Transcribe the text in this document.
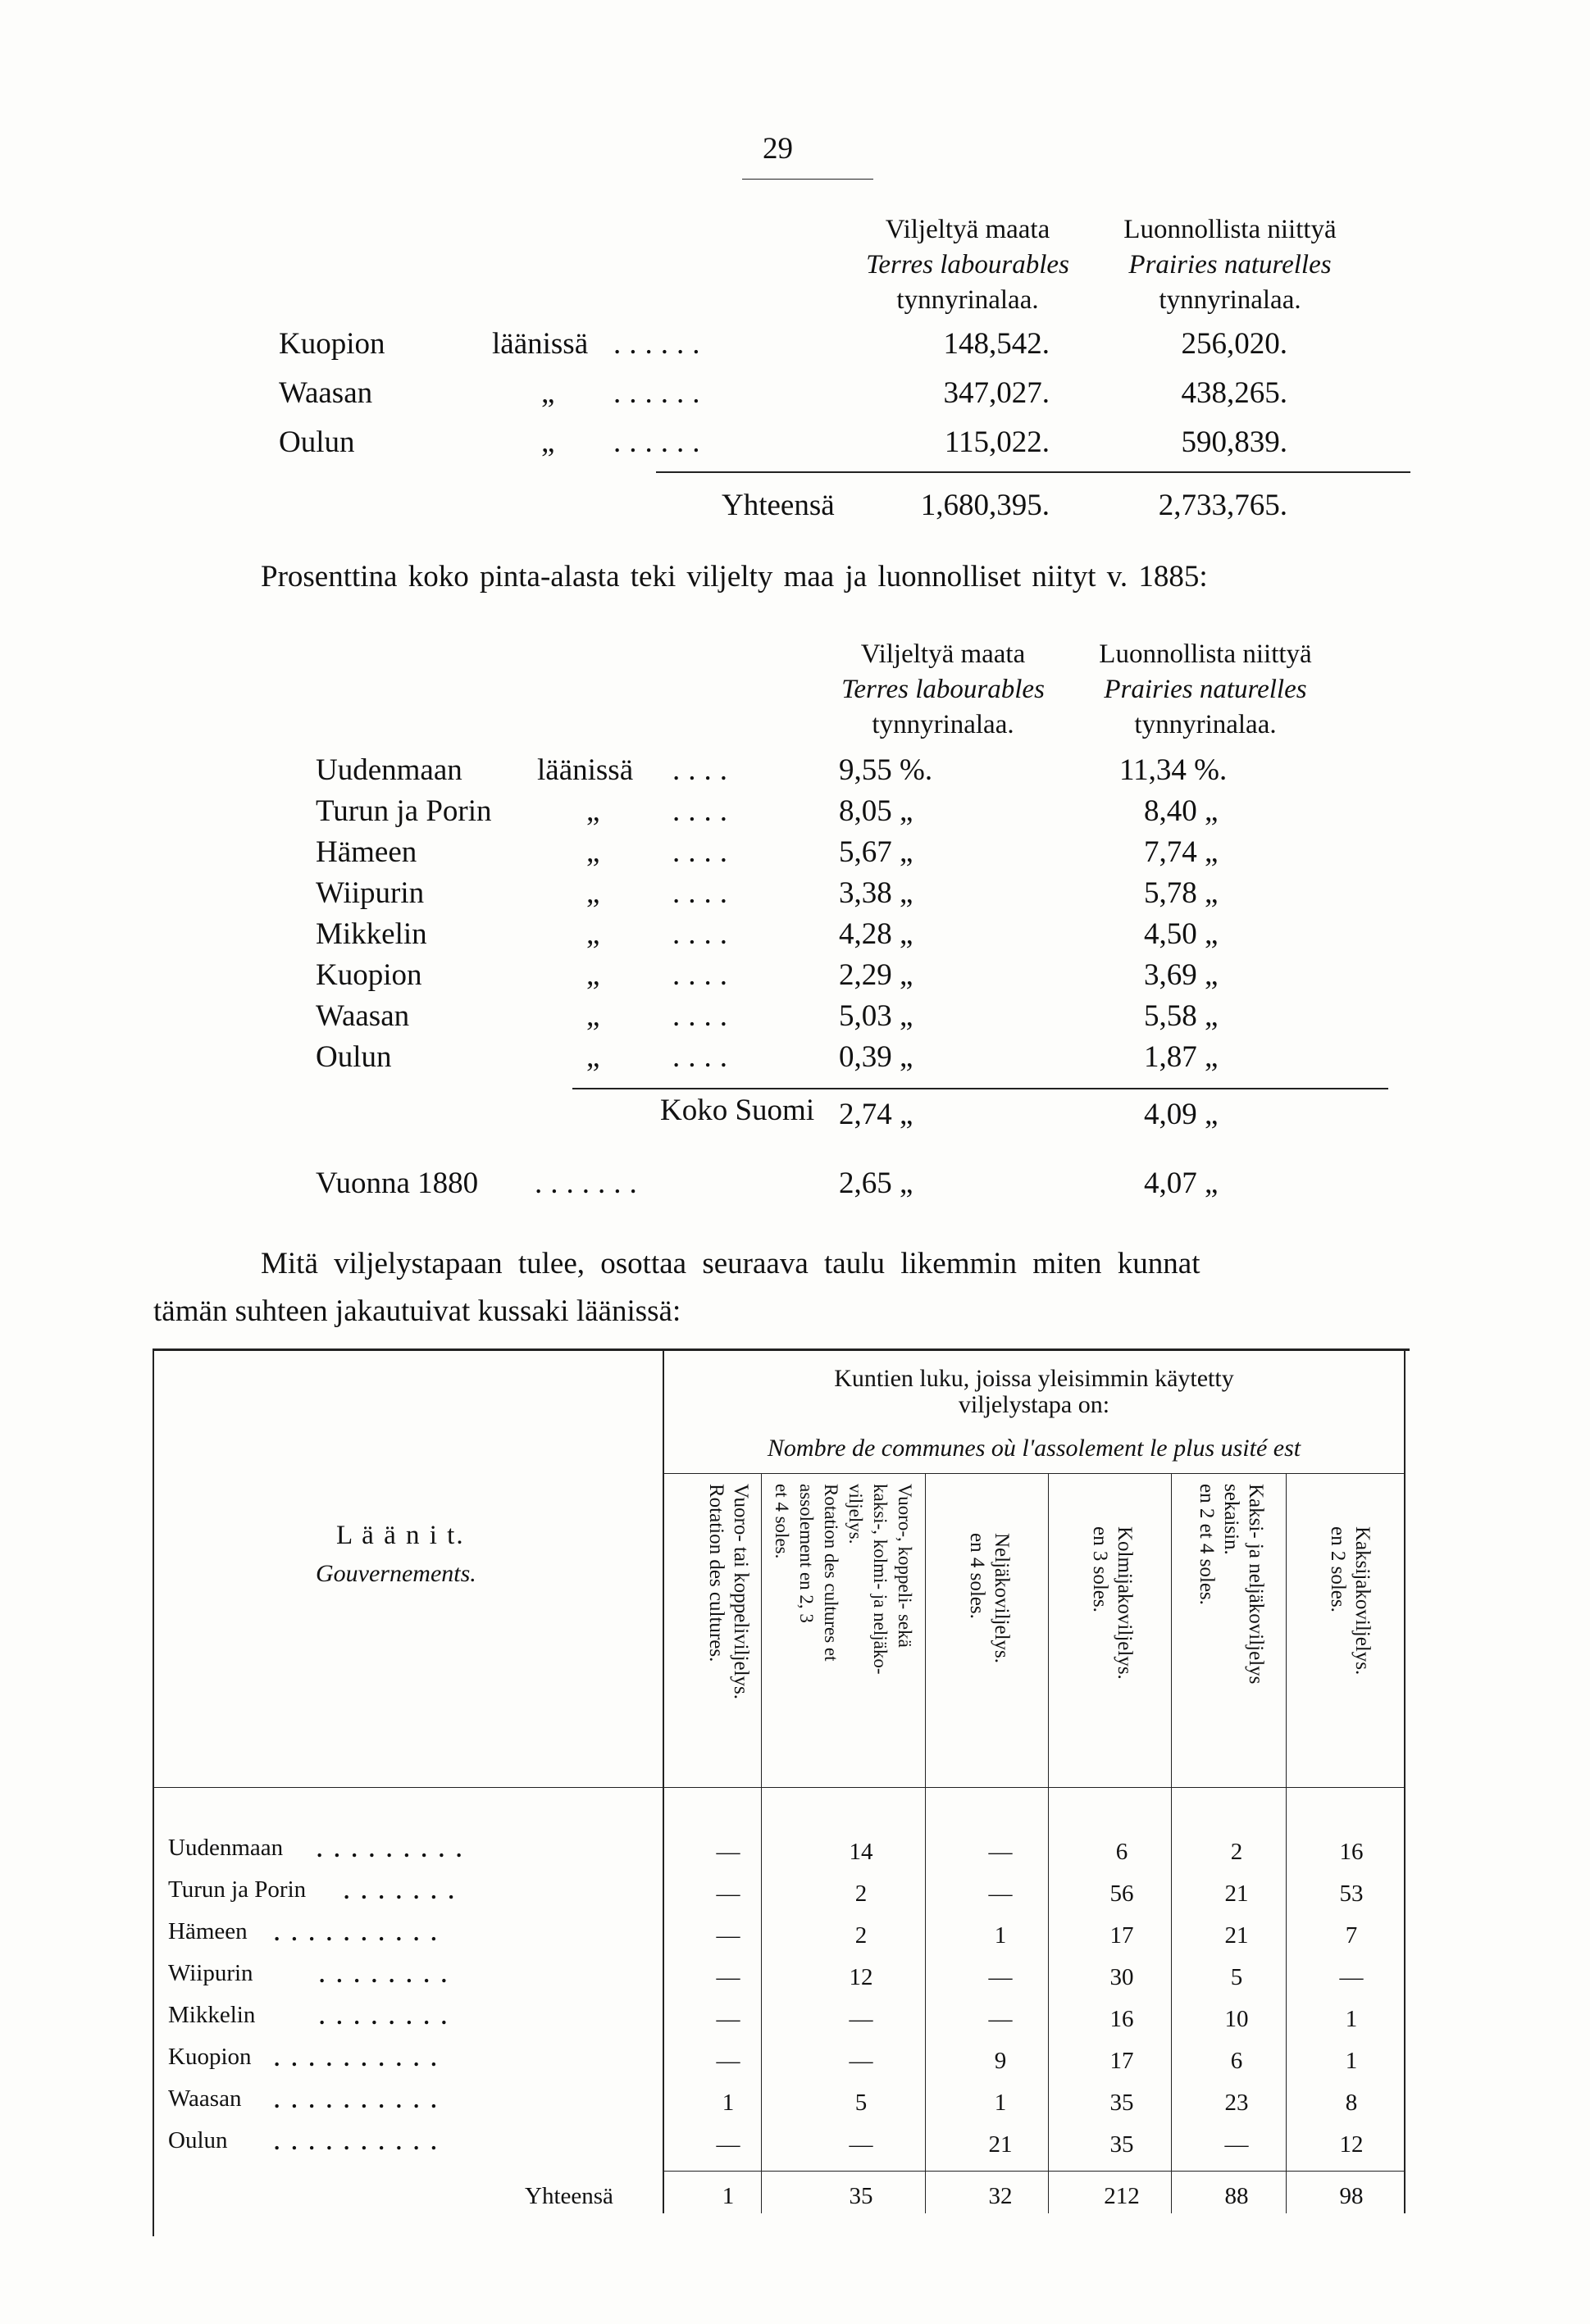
29
Viljeltyä maata
Terres labourables
tynnyrinalaa.
Luonnollista niittyä
Prairies naturelles
tynnyrinalaa.
Kuopion	läänissä ......	148,542.	256,020.
Waasan	„ ......	347,027.	438,265.
Oulun	„ ......	115,022.	590,839.
Yhteensä	1,680,395.	2,733,765.
Prosenttina koko pinta-alasta teki viljelty maa ja luonnolliset niityt v. 1885:
Viljeltyä maata
Terres labourables
tynnyrinalaa.
Luonnollista niittyä
Prairies naturelles
tynnyrinalaa.
Uudenmaan läänissä ....	9,55 %.	11,34 %.
Turun ja Porin	„ ....	8,05 „	8,40 „
Hämeen	„ ....	5,67 „	7,74 „
Wiipurin	„ ....	3,38 „	5,78 „
Mikkelin	„ ....	4,28 „	4,50 „
Kuopion	„ ....	2,29 „	3,69 „
Waasan	„ ....	5,03 „	5,58 „
Oulun	„ ....	0,39 „	1,87 „
Koko Suomi 2,74 „	4,09 „
Vuonna 1880 .......	2,65 „	4,07 „
Mitä viljelystapaan tulee, osottaa seuraava taulu likemmin miten kunnat
tämän suhteen jakautuivat kussaki läänissä:
Kuntien luku, joissa yleisimmin käytetty
viljelystapa on:
Nombre de communes où l'assolement le plus usité est
L ä ä n i t.
Gouvernements.	Vuoro- tai koppeliviljelys.
Rotation des cultures.	Vuoro-, koppeli- sekä
kaksi-, kolmi- ja neljäko-
viljelys.
Rotation des cultures et
assolement en 2, 3
et 4 soles.
Neljäkoviljelys.
en 4 soles.	Kolmijakoviljelys.
en 3 soles.	Kaksi- ja neljäkoviljelys
sekaisin.
en 2 et 4 soles.	Kaksijakoviljelys.
en 2 soles.
Uudenmaan .........	—	14	—	6	2	16
Turun ja Porin .......	—	2	—	56	21	53
Hämeen ..........	—	2	1	17	21	7
Wiipurin ........	—	12	—	30	5	—
Mikkelin ........	—	—	—	16	10	1
Kuopion ..........	—	—	9	17	6	1
Waasan ..........	1	5	1	35	23	8
Oulun ..........	—	—	21	35	—	12
Yhteensä	1	35	32	212	88	98
